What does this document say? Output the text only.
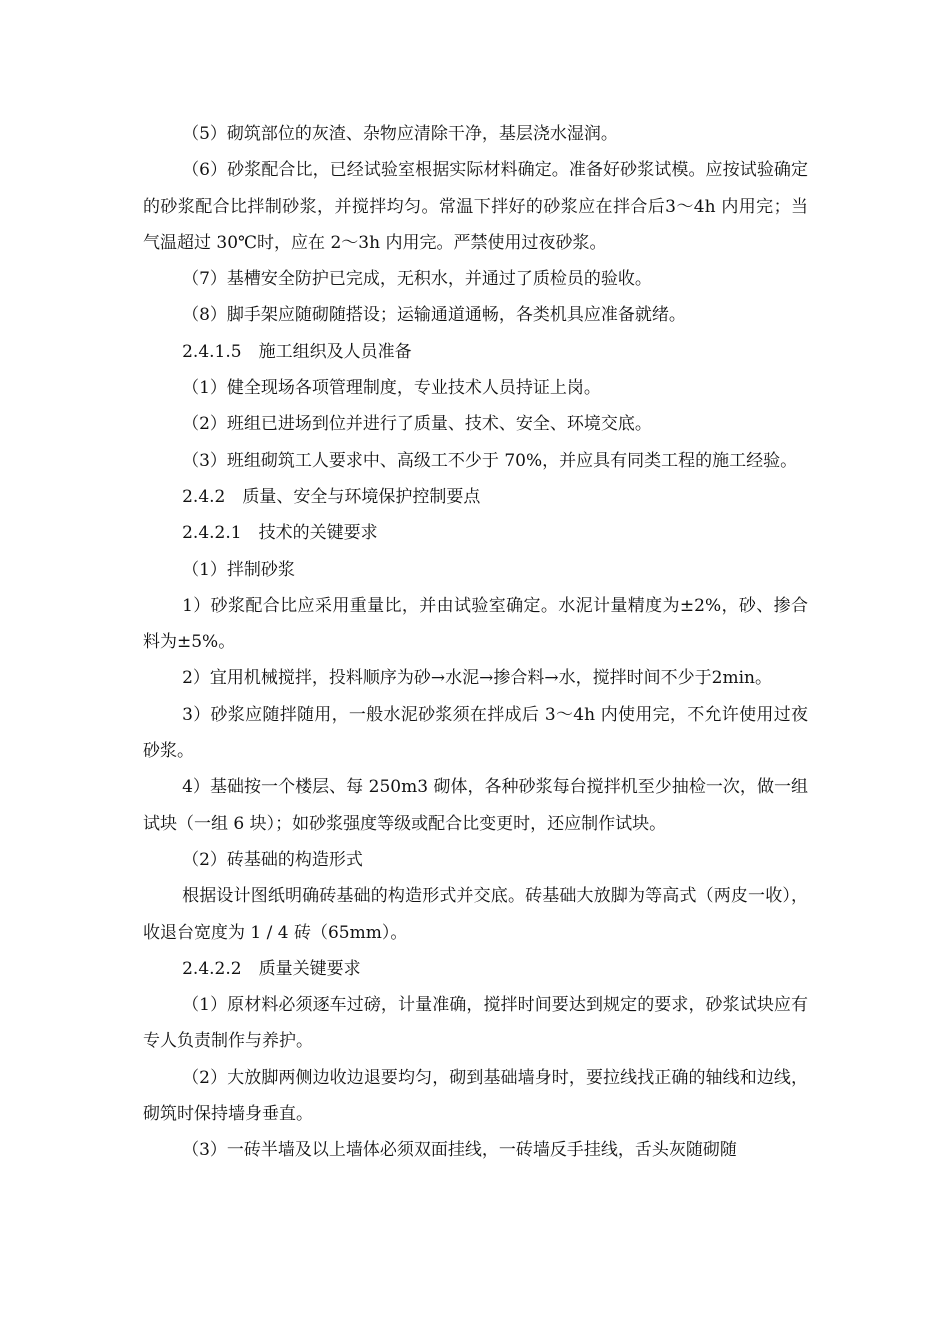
（5）砌筑部位的灰渣、杂物应清除干净，基层浇水湿润。

（6）砂浆配合比，已经试验室根据实际材料确定。准备好砂浆试模。应按试验确定的砂浆配合比拌制砂浆，并搅拌均匀。常温下拌好的砂浆应在拌合后3～4h 内用完；当气温超过 30℃时，应在 2～3h 内用完。严禁使用过夜砂浆。

（7）基槽安全防护已完成，无积水，并通过了质检员的验收。

（8）脚手架应随砌随搭设；运输通道通畅，各类机具应准备就绪。

2.4.1.5　施工组织及人员准备

（1）健全现场各项管理制度，专业技术人员持证上岗。

（2）班组已进场到位并进行了质量、技术、安全、环境交底。

（3）班组砌筑工人要求中、高级工不少于 70%，并应具有同类工程的施工经验。

2.4.2　质量、安全与环境保护控制要点

2.4.2.1　技术的关键要求

（1）拌制砂浆

1）砂浆配合比应采用重量比，并由试验室确定。水泥计量精度为±2%，砂、掺合料为±5%。

2）宜用机械搅拌，投料顺序为砂→水泥→掺合料→水，搅拌时间不少于2min。

3）砂浆应随拌随用，一般水泥砂浆须在拌成后 3～4h 内使用完，不允许使用过夜砂浆。

4）基础按一个楼层、每 250m3 砌体，各种砂浆每台搅拌机至少抽检一次，做一组试块（一组 6 块）；如砂浆强度等级或配合比变更时，还应制作试块。

（2）砖基础的构造形式

根据设计图纸明确砖基础的构造形式并交底。砖基础大放脚为等高式（两皮一收），收退台宽度为 1 / 4 砖（65mm）。

2.4.2.2　质量关键要求

（1）原材料必须逐车过磅，计量准确，搅拌时间要达到规定的要求，砂浆试块应有专人负责制作与养护。

（2）大放脚两侧边收边退要均匀，砌到基础墙身时，要拉线找正确的轴线和边线，砌筑时保持墙身垂直。

（3）一砖半墙及以上墙体必须双面挂线，一砖墙反手挂线，舌头灰随砌随
